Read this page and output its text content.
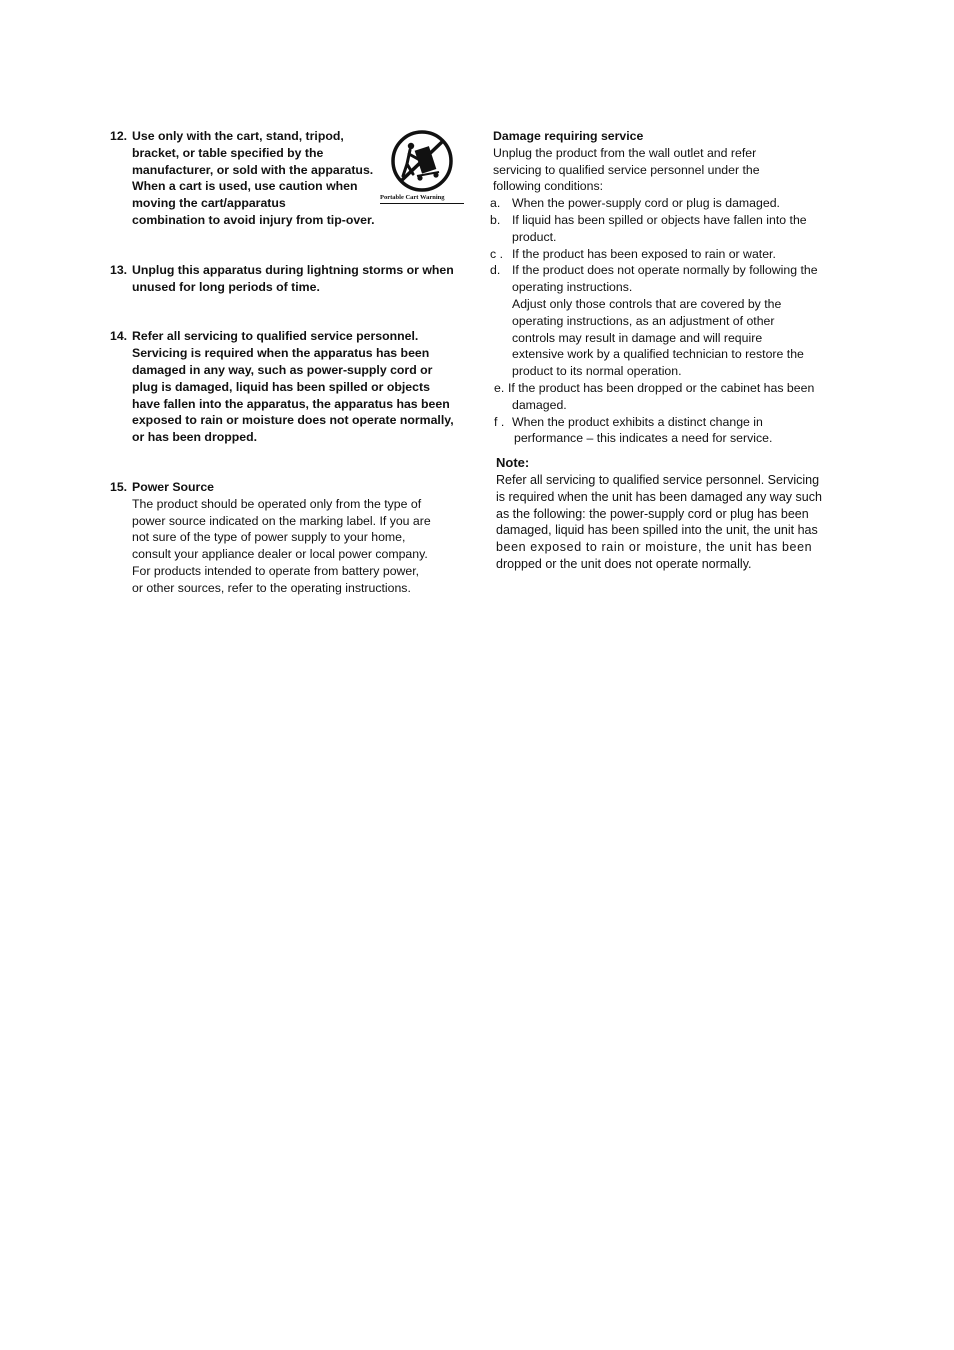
12. Use only with the cart, stand, tripod,
bracket, or table specified by the
manufacturer, or sold with the apparatus.
When a cart is used, use caution when
moving the cart/apparatus
combination to avoid injury from tip-over.
Portable Cart Warning
13. Unplug this apparatus during lightning storms or when
unused for long periods of time.
14. Refer all servicing to qualified service personnel.
Servicing is required when the apparatus has been
damaged in any way, such as power-supply cord or
plug is damaged, liquid has been spilled or objects
have fallen into the apparatus, the apparatus has been
exposed to rain or moisture does not operate normally,
or has been dropped.
15. Power Source
The product should be operated only from the type of
power source indicated on the marking label. If you are
not sure of the type of power supply to your home,
consult your appliance dealer or local power company.
For products intended to operate from battery power,
or other sources, refer to the operating instructions.
Damage requiring service
Unplug the product from the wall outlet and refer
servicing to qualified service personnel under the
following conditions:
a. When the power-supply cord or plug is damaged.
b. If liquid has been spilled or objects have fallen into the
product.
c . If the product has been exposed to rain or water.
d. If the product does not operate normally by following the
operating instructions.
Adjust only those controls that are covered by the
operating instructions, as an adjustment of other
controls may result in damage and will require
extensive work by a qualified technician to restore the
product to its normal operation.
e. If the product has been dropped or the cabinet has been
damaged.
f . When the product exhibits a distinct change in
performance – this indicates a need for service.
Note:
Refer all servicing to qualified service personnel. Servicing
is required when the unit has been damaged any way such
as the following: the power-supply cord or plug has been
damaged, liquid has been spilled into the unit, the unit has
been exposed to rain or moisture, the unit has been
dropped or the unit does not operate normally.
